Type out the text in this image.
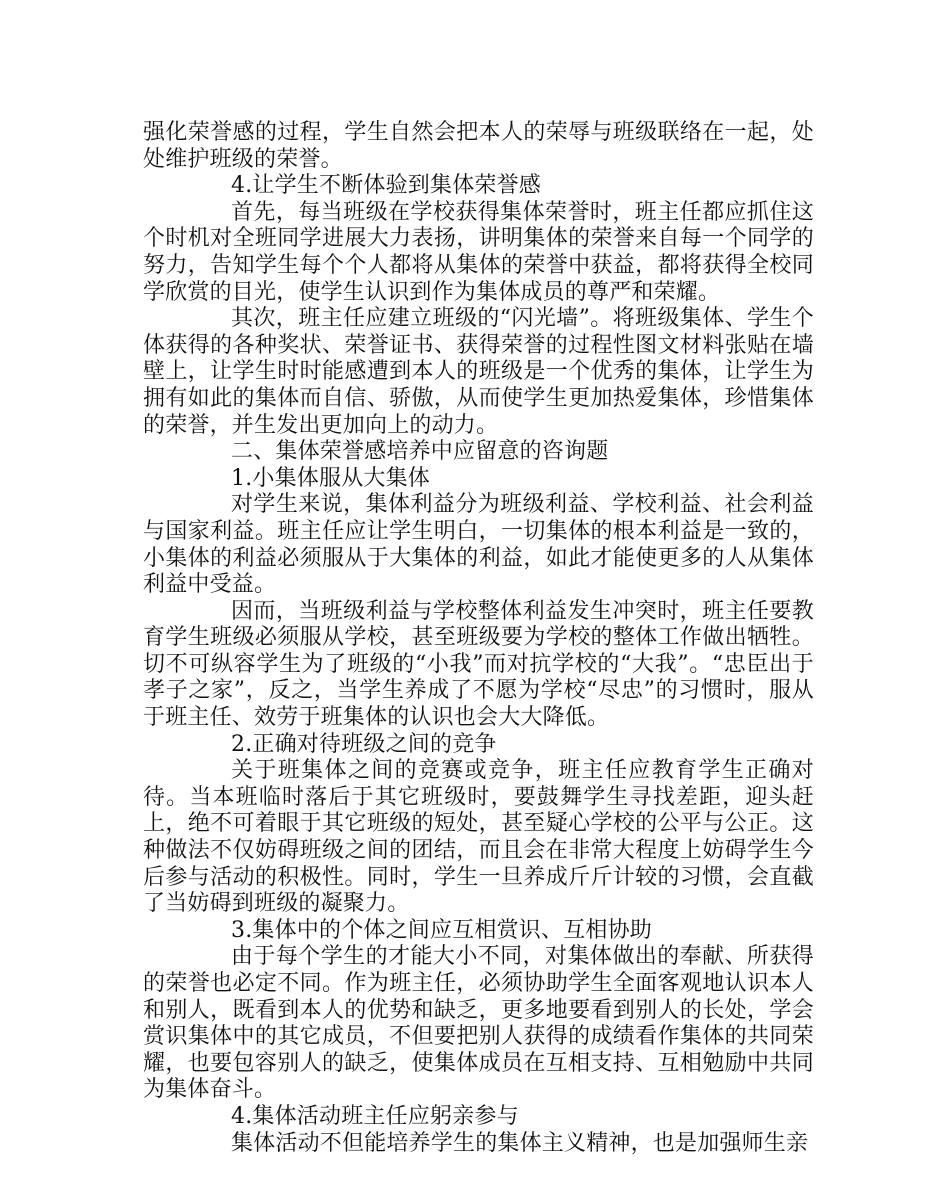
强化荣誉感的过程，学生自然会把本人的荣辱与班级联络在一起，处处维护班级的荣誉。

4.让学生不断体验到集体荣誉感

首先，每当班级在学校获得集体荣誉时，班主任都应抓住这个时机对全班同学进展大力表扬，讲明集体的荣誉来自每一个同学的努力，告知学生每个个人都将从集体的荣誉中获益，都将获得全校同学欣赏的目光，使学生认识到作为集体成员的尊严和荣耀。

其次，班主任应建立班级的“闪光墙”。将班级集体、学生个体获得的各种奖状、荣誉证书、获得荣誉的过程性图文材料张贴在墙壁上，让学生时时能感遭到本人的班级是一个优秀的集体，让学生为拥有如此的集体而自信、骄傲，从而使学生更加热爱集体，珍惜集体的荣誉，并生发出更加向上的动力。

二、集体荣誉感培养中应留意的咨询题

1.小集体服从大集体

对学生来说，集体利益分为班级利益、学校利益、社会利益与国家利益。班主任应让学生明白，一切集体的根本利益是一致的，小集体的利益必须服从于大集体的利益，如此才能使更多的人从集体利益中受益。

因而，当班级利益与学校整体利益发生冲突时，班主任要教育学生班级必须服从学校，甚至班级要为学校的整体工作做出牺牲。切不可纵容学生为了班级的“小我”而对抗学校的“大我”。“忠臣出于孝子之家”，反之，当学生养成了不愿为学校“尽忠”的习惯时，服从于班主任、效劳于班集体的认识也会大大降低。

2.正确对待班级之间的竞争

关于班集体之间的竞赛或竞争，班主任应教育学生正确对待。当本班临时落后于其它班级时，要鼓舞学生寻找差距，迎头赶上，绝不可着眼于其它班级的短处，甚至疑心学校的公平与公正。这种做法不仅妨碍班级之间的团结，而且会在非常大程度上妨碍学生今后参与活动的积极性。同时，学生一旦养成斤斤计较的习惯，会直截了当妨碍到班级的凝聚力。

3.集体中的个体之间应互相赏识、互相协助

由于每个学生的才能大小不同，对集体做出的奉献、所获得的荣誉也必定不同。作为班主任，必须协助学生全面客观地认识本人和别人，既看到本人的优势和缺乏，更多地要看到别人的长处，学会赏识集体中的其它成员，不但要把别人获得的成绩看作集体的共同荣耀，也要包容别人的缺乏，使集体成员在互相支持、互相勉励中共同为集体奋斗。

4.集体活动班主任应躬亲参与

集体活动不但能培养学生的集体主义精神，也是加强师生亲
